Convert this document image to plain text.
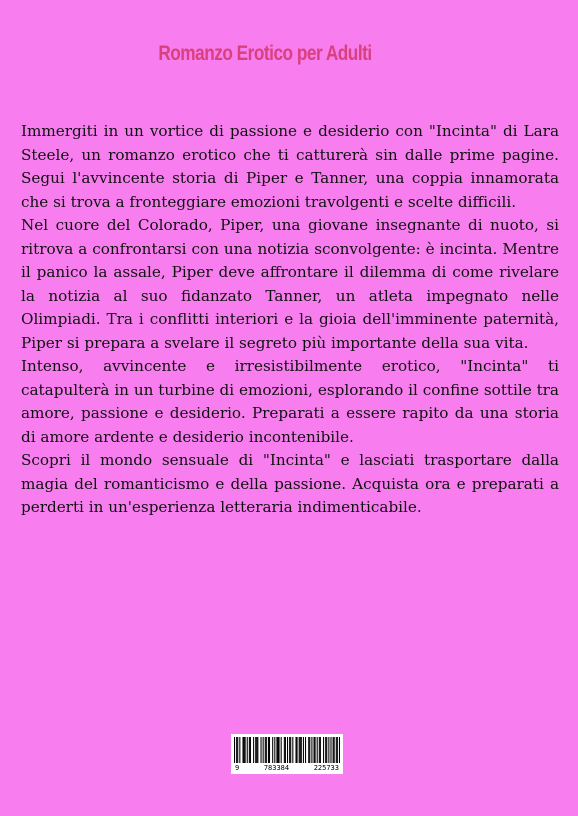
Romanzo Erotico per Adulti

Immergiti in un vortice di passione e desiderio con "Incinta" di Lara Steele, un romanzo erotico che ti catturerà sin dalle prime pagine. Segui l'avvincente storia di Piper e Tanner, una coppia innamorata che si trova a fronteggiare emozioni travolgenti e scelte difficili.

Nel cuore del Colorado, Piper, una giovane insegnante di nuoto, si ritrova a confrontarsi con una notizia sconvolgente: è incinta. Mentre il panico la assale, Piper deve affrontare il dilemma di come rivelare la notizia al suo fidanzato Tanner, un atleta impegnato nelle Olimpiadi. Tra i conflitti interiori e la gioia dell'imminente paternità, Piper si prepara a svelare il segreto più importante della sua vita.

Intenso, avvincente e irresistibilmente erotico, "Incinta" ti catapulterà in un turbine di emozioni, esplorando il confine sottile tra amore, passione e desiderio. Preparati a essere rapito da una storia di amore ardente e desiderio incontenibile.

Scopri il mondo sensuale di "Incinta" e lasciati trasportare dalla magia del romanticismo e della passione. Acquista ora e preparati a perderti in un'esperienza letteraria indimenticabile.

9	783384	225733
